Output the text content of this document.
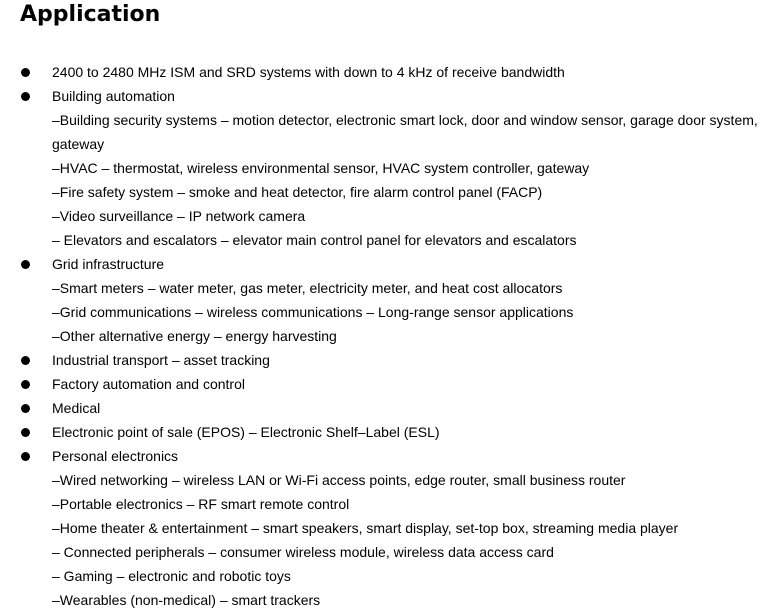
Application
2400 to 2480 MHz ISM and SRD systems with down to 4 kHz of receive bandwidth
Building automation
–Building security systems – motion detector, electronic smart lock, door and window sensor, garage door system, gateway
–HVAC – thermostat, wireless environmental sensor, HVAC system controller, gateway
–Fire safety system – smoke and heat detector, fire alarm control panel (FACP)
–Video surveillance – IP network camera
– Elevators and escalators – elevator main control panel for elevators and escalators
Grid infrastructure
–Smart meters – water meter, gas meter, electricity meter, and heat cost allocators
–Grid communications – wireless communications – Long-range sensor applications
–Other alternative energy – energy harvesting
Industrial transport – asset tracking
Factory automation and control
Medical
Electronic point of sale (EPOS) – Electronic Shelf–Label (ESL)
Personal electronics
–Wired networking – wireless LAN or Wi-Fi access points, edge router, small business router
–Portable electronics – RF smart remote control
–Home theater & entertainment – smart speakers, smart display, set-top box, streaming media player
– Connected peripherals – consumer wireless module, wireless data access card
– Gaming – electronic and robotic toys
–Wearables (non-medical) – smart trackers
